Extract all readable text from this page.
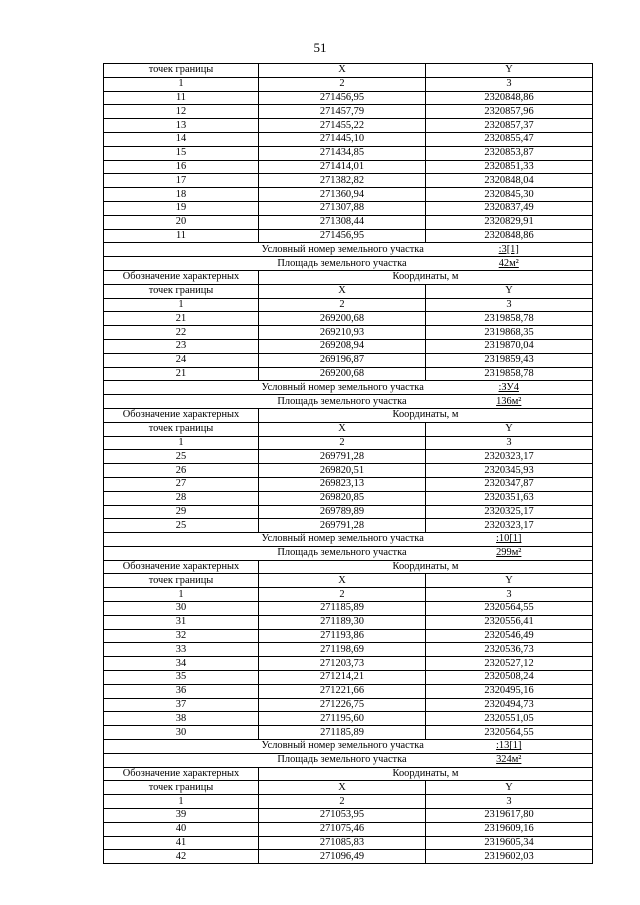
51
точек границы	X	Y
1	2	3
11	271456,95	2320848,86
12	271457,79	2320857,96
13	271455,22	2320857,37
14	271445,10	2320855,47
15	271434,85	2320853,87
16	271414,01	2320851,33
17	271382,82	2320848,04
18	271360,94	2320845,30
19	271307,88	2320837,49
20	271308,44	2320829,91
11	271456,95	2320848,86
	Условный номер земельного участка	:3[1]
	Площадь земельного участка	42м²
Обозначение характерных	Координаты, м	
точек границы	X	Y
1	2	3
21	269200,68	2319858,78
22	269210,93	2319868,35
23	269208,94	2319870,04
24	269196,87	2319859,43
21	269200,68	2319858,78
	Условный номер земельного участка	:ЗУ4
	Площадь земельного участка	136м²
Обозначение характерных	Координаты, м	
точек границы	X	Y
1	2	3
25	269791,28	2320323,17
26	269820,51	2320345,93
27	269823,13	2320347,87
28	269820,85	2320351,63
29	269789,89	2320325,17
25	269791,28	2320323,17
	Условный номер земельного участка	:10[1]
	Площадь земельного участка	299м²
Обозначение характерных	Координаты, м	
точек границы	X	Y
1	2	3
30	271185,89	2320564,55
31	271189,30	2320556,41
32	271193,86	2320546,49
33	271198,69	2320536,73
34	271203,73	2320527,12
35	271214,21	2320508,24
36	271221,66	2320495,16
37	271226,75	2320494,73
38	271195,60	2320551,05
30	271185,89	2320564,55
	Условный номер земельного участка	:13[1]
	Площадь земельного участка	324м²
Обозначение характерных	Координаты, м	
точек границы	X	Y
1	2	3
39	271053,95	2319617,80
40	271075,46	2319609,16
41	271085,83	2319605,34
42	271096,49	2319602,03
